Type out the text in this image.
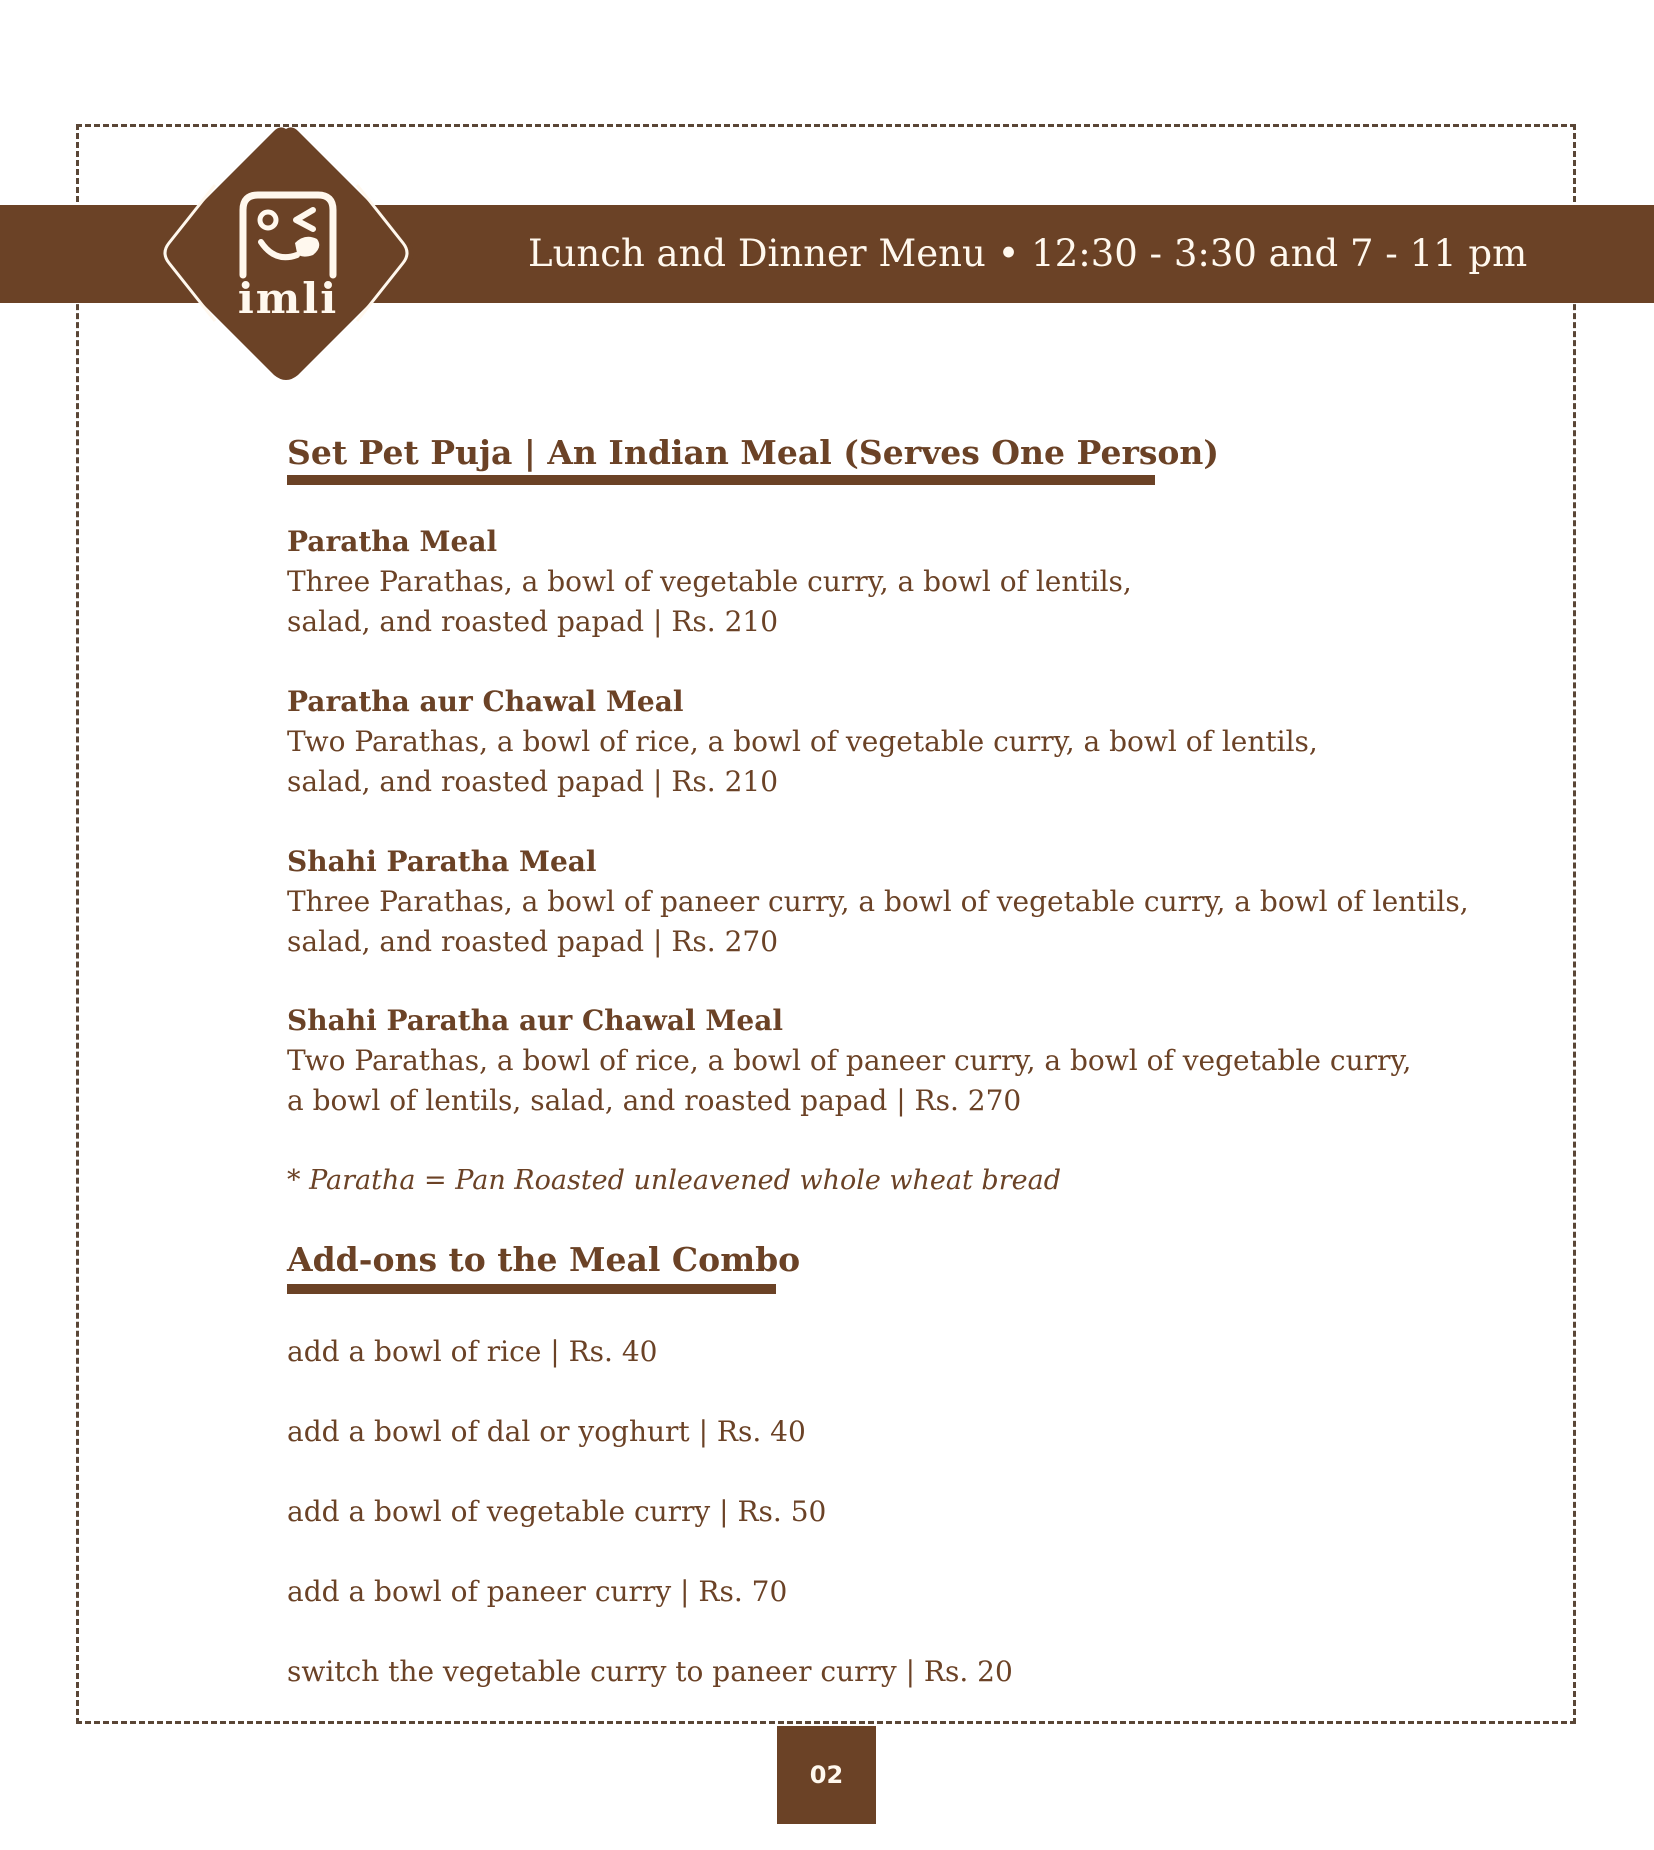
Lunch and Dinner Menu • 12:30 - 3:30 and 7 - 11 pm
imli
Set Pet Puja | An Indian Meal (Serves One Person)
Paratha Meal
Three Parathas, a bowl of vegetable curry, a bowl of lentils,
salad, and roasted papad | Rs. 210
Paratha aur Chawal Meal
Two Parathas, a bowl of rice, a bowl of vegetable curry, a bowl of lentils,
salad, and roasted papad | Rs. 210
Shahi Paratha Meal
Three Parathas, a bowl of paneer curry, a bowl of vegetable curry, a bowl of lentils,
salad, and roasted papad | Rs. 270
Shahi Paratha aur Chawal Meal
Two Parathas, a bowl of rice, a bowl of paneer curry, a bowl of vegetable curry,
a bowl of lentils, salad, and roasted papad | Rs. 270
* Paratha = Pan Roasted unleavened whole wheat bread
Add-ons to the Meal Combo
add a bowl of rice | Rs. 40
add a bowl of dal or yoghurt | Rs. 40
add a bowl of vegetable curry | Rs. 50
add a bowl of paneer curry | Rs. 70
switch the vegetable curry to paneer curry | Rs. 20
02
